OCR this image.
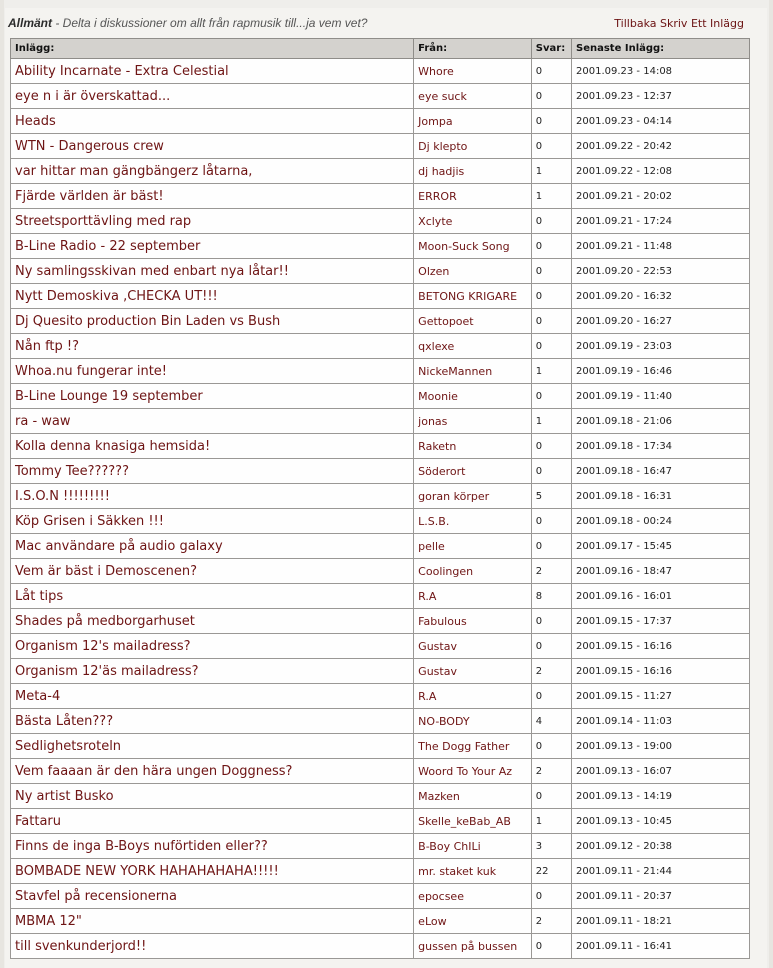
Allmänt - Delta i diskussioner om allt från rapmusik till...ja vem vet?	Tillbaka Skriv Ett Inlägg
Inlägg:	Från:	Svar:	Senaste Inlägg:
Ability Incarnate - Extra Celestial	Whore	0	2001.09.23 - 14:08
eye n i är överskattad...	eye suck	0	2001.09.23 - 12:37
Heads	Jompa	0	2001.09.23 - 04:14
WTN - Dangerous crew	Dj klepto	0	2001.09.22 - 20:42
var hittar man gängbängerz låtarna,	dj hadjis	1	2001.09.22 - 12:08
Fjärde världen är bäst!	ERROR	1	2001.09.21 - 20:02
Streetsporttävling med rap	Xclyte	0	2001.09.21 - 17:24
B-Line Radio - 22 september	Moon-Suck Song	0	2001.09.21 - 11:48
Ny samlingsskivan med enbart nya låtar!!	Olzen	0	2001.09.20 - 22:53
Nytt Demoskiva ,CHECKA UT!!!	BETONG KRIGARE	0	2001.09.20 - 16:32
Dj Quesito production Bin Laden vs Bush	Gettopoet	0	2001.09.20 - 16:27
Nån ftp !?	qxlexe	0	2001.09.19 - 23:03
Whoa.nu fungerar inte!	NickeMannen	1	2001.09.19 - 16:46
B-Line Lounge 19 september	Moonie	0	2001.09.19 - 11:40
ra - waw	jonas	1	2001.09.18 - 21:06
Kolla denna knasiga hemsida!	Raketn	0	2001.09.18 - 17:34
Tommy Tee??????	Söderort	0	2001.09.18 - 16:47
I.S.O.N !!!!!!!!!	goran körper	5	2001.09.18 - 16:31
Köp Grisen i Säkken !!!	L.S.B.	0	2001.09.18 - 00:24
Mac användare på audio galaxy	pelle	0	2001.09.17 - 15:45
Vem är bäst i Demoscenen?	Coolingen	2	2001.09.16 - 18:47
Låt tips	R.A	8	2001.09.16 - 16:01
Shades på medborgarhuset	Fabulous	0	2001.09.15 - 17:37
Organism 12's mailadress?	Gustav	0	2001.09.15 - 16:16
Organism 12'äs mailadress?	Gustav	2	2001.09.15 - 16:16
Meta-4	R.A	0	2001.09.15 - 11:27
Bästa Låten???	NO-BODY	4	2001.09.14 - 11:03
Sedlighetsroteln	The Dogg Father	0	2001.09.13 - 19:00
Vem faaaan är den hära ungen Doggness?	Woord To Your Az	2	2001.09.13 - 16:07
Ny artist Busko	Mazken	0	2001.09.13 - 14:19
Fattaru	Skelle_keBab_AB	1	2001.09.13 - 10:45
Finns de inga B-Boys nuförtiden eller??	B-Boy ChILi	3	2001.09.12 - 20:38
BOMBADE NEW YORK HAHAHAHAHA!!!!!	mr. staket kuk	22	2001.09.11 - 21:44
Stavfel på recensionerna	epocsee	0	2001.09.11 - 20:37
MBMA 12"	eLow	2	2001.09.11 - 18:21
till svenkunderjord!!	gussen på bussen	0	2001.09.11 - 16:41
